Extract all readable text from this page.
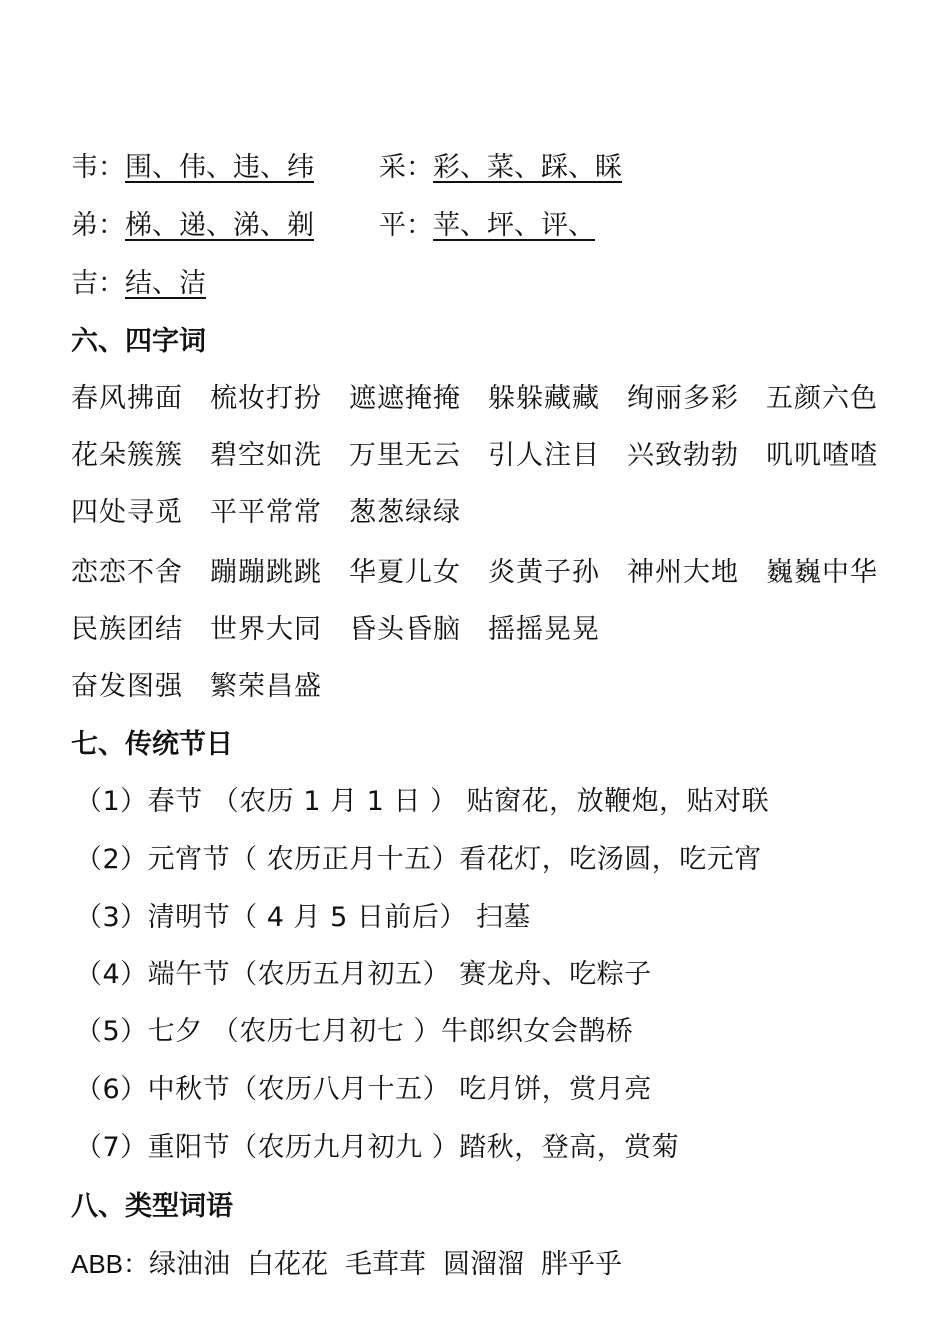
韦：围、伟、违、纬 采：彩、菜、踩、睬
弟：梯、递、涕、剃 平：苹、坪、评、
吉：结、洁
六、四字词
春风拂面	梳妆打扮	遮遮掩掩	躲躲藏藏	绚丽多彩	五颜六色
花朵簇簇	碧空如洗	万里无云	引人注目	兴致勃勃	叽叽喳喳
四处寻觅	平平常常	葱葱绿绿
恋恋不舍	蹦蹦跳跳	华夏儿女	炎黄子孙	神州大地	巍巍中华
民族团结	世界大同	昏头昏脑	摇摇晃晃
奋发图强	繁荣昌盛
七、传统节日
（1）春节 （农历 1 月 1 日 ） 贴窗花，放鞭炮，贴对联
（2）元宵节（ 农历正月十五）看花灯，吃汤圆，吃元宵
（3）清明节（ 4 月 5 日前后） 扫墓
（4）端午节（农历五月初五） 赛龙舟、吃粽子
（5）七夕 （农历七月初七 ）牛郎织女会鹊桥
（6）中秋节（农历八月十五） 吃月饼，赏月亮
（7）重阳节（农历九月初九 ）踏秋，登高，赏菊
八、类型词语
ABB：绿油油 白花花 毛茸茸 圆溜溜 胖乎乎
